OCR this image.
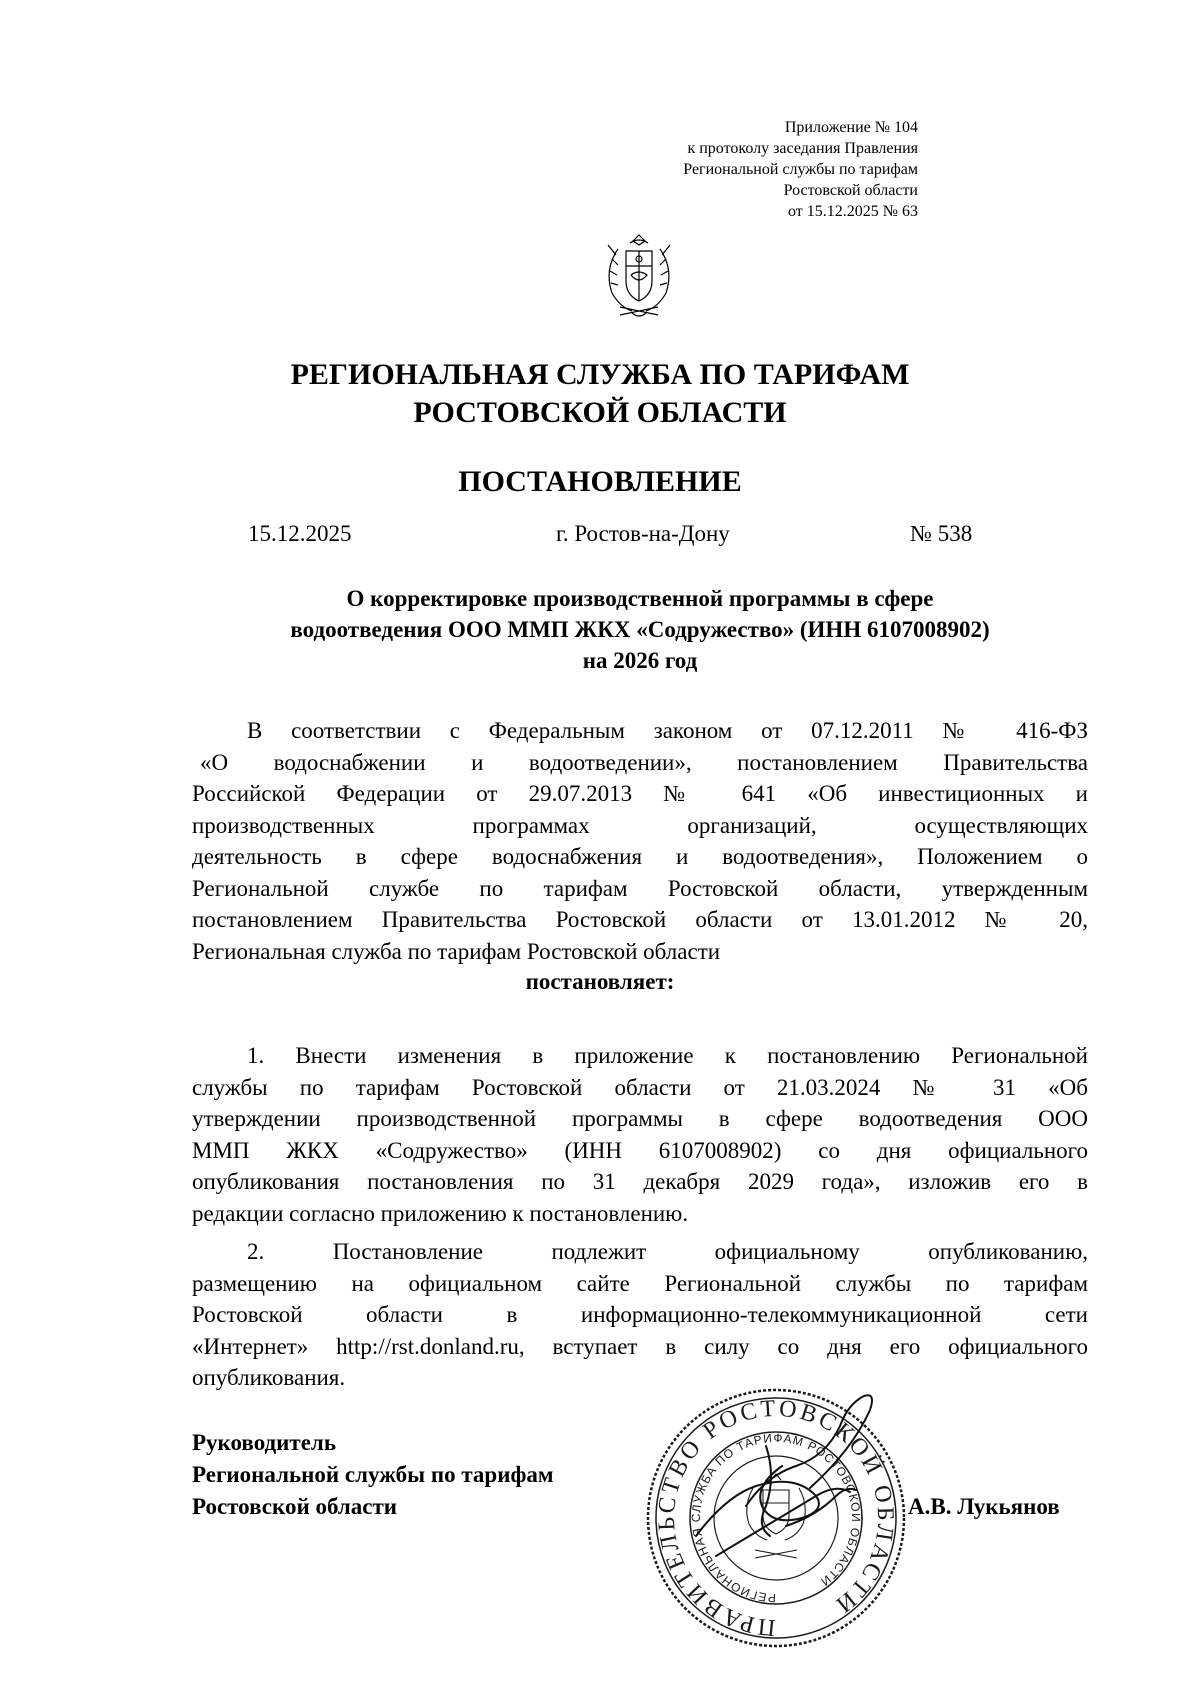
Приложение № 104
к протоколу заседания Правления
Региональной службы по тарифам
Ростовской области
от 15.12.2025 № 63
РЕГИОНАЛЬНАЯ СЛУЖБА ПО ТАРИФАМ
РОСТОВСКОЙ ОБЛАСТИ
ПОСТАНОВЛЕНИЕ
15.12.2025	г. Ростов-на-Дону	№ 538
О корректировке производственной программы в сфере
водоотведения ООО ММП ЖКХ «Содружество» (ИНН 6107008902)
на 2026 год
В соответствии с Федеральным законом от 07.12.2011 № 416-ФЗ
«О водоснабжении и водоотведении», постановлением Правительства
Российской Федерации от 29.07.2013 № 641 «Об инвестиционных и
производственных программах организаций, осуществляющих
деятельность в сфере водоснабжения и водоотведения», Положением о
Региональной службе по тарифам Ростовской области, утвержденным
постановлением Правительства Ростовской области от 13.01.2012 № 20,
Региональная служба по тарифам Ростовской области
постановляет:
1. Внести изменения в приложение к постановлению Региональной
службы по тарифам Ростовской области от 21.03.2024 № 31 «Об
утверждении производственной программы в сфере водоотведения ООО
ММП ЖКХ «Содружество» (ИНН 6107008902) со дня официального
опубликования постановления по 31 декабря 2029 года», изложив его в
редакции согласно приложению к постановлению.
2. Постановление подлежит официальному опубликованию,
размещению на официальном сайте Региональной службы по тарифам
Ростовской области в информационно-телекоммуникационной сети
«Интернет» http://rst.donland.ru, вступает в силу со дня его официального
опубликования.
Руководитель
Региональной службы по тарифам
Ростовской области
ПРАВИТЕЛЬСТВО РОСТОВСКОЙ ОБЛАСТИ
РЕГИОНАЛЬНАЯ СЛУЖБА ПО ТАРИФАМ РОСТОВСКОЙ ОБЛАСТИ
А.В. Лукьянов
